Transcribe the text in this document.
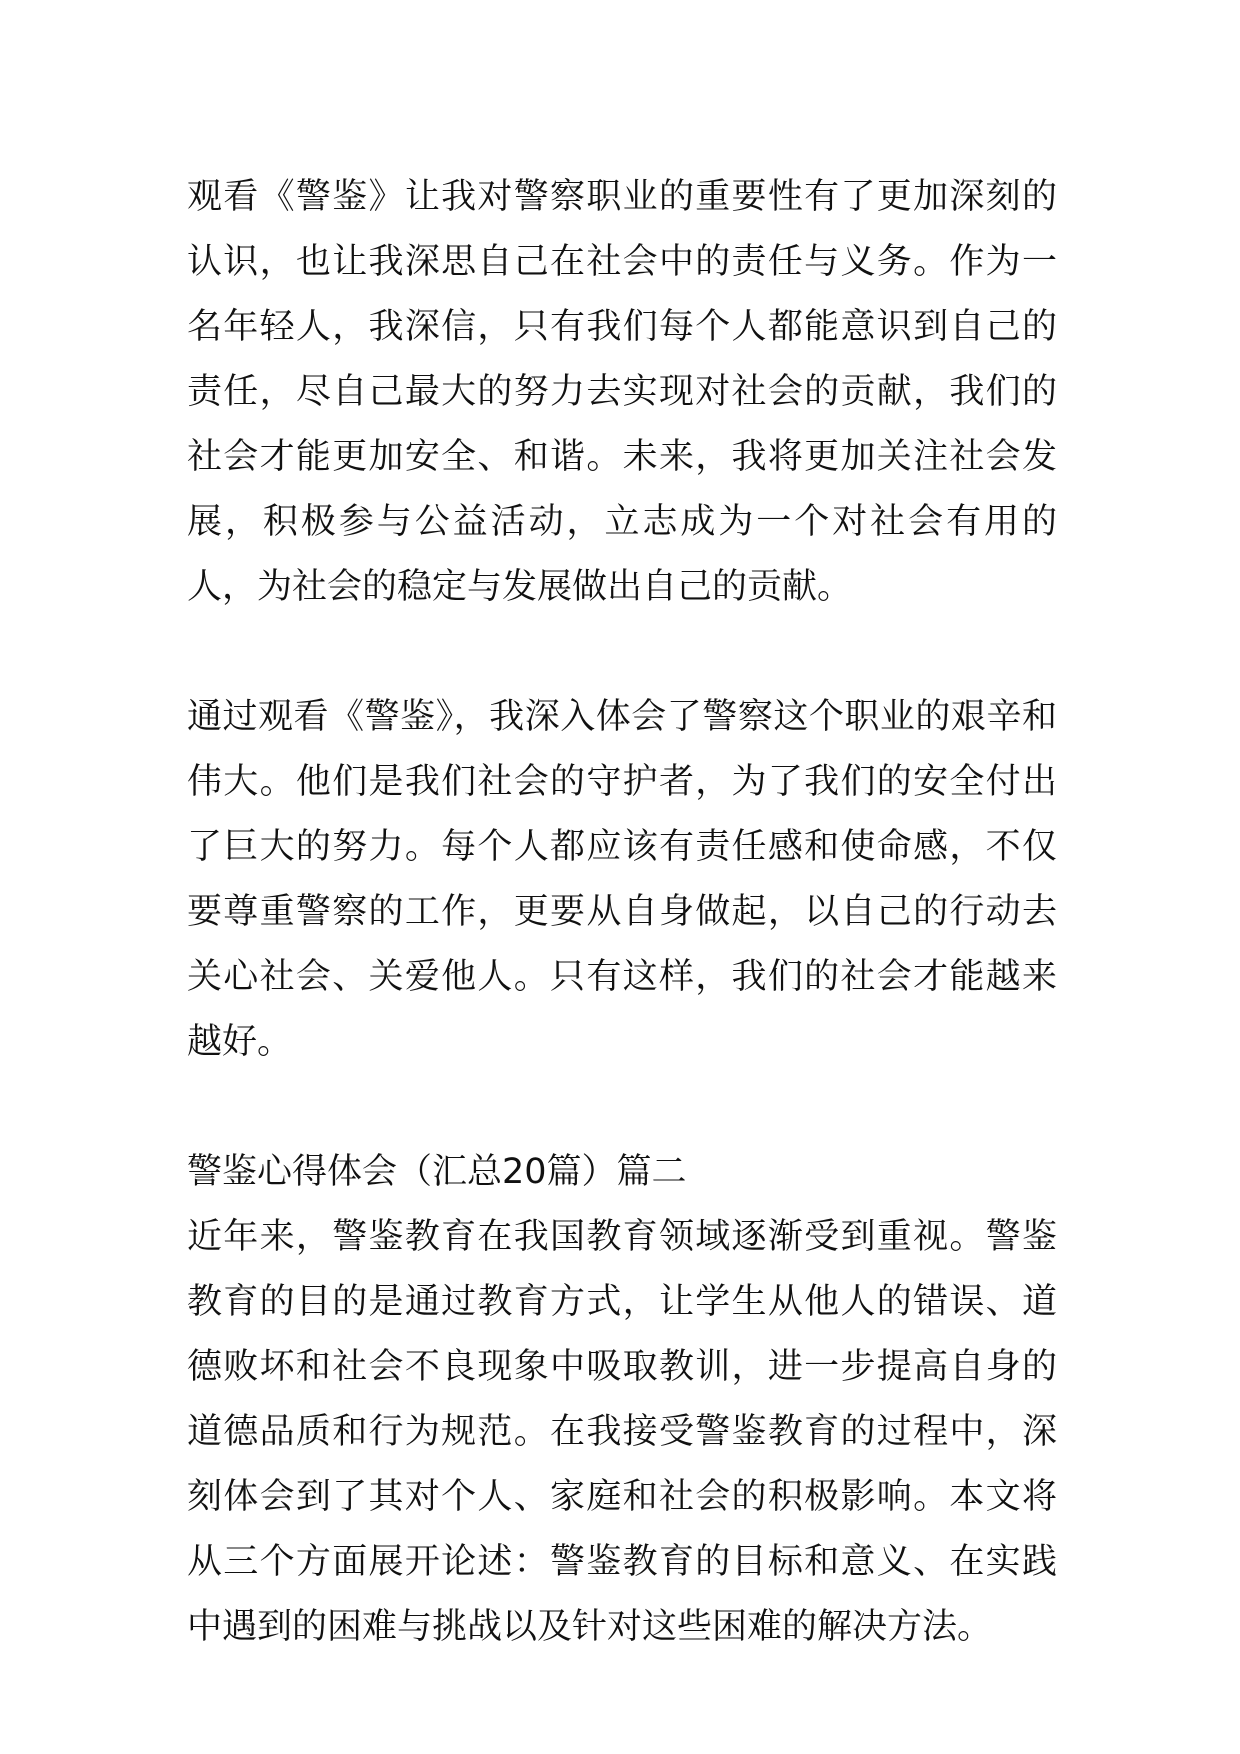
观看《警鉴》让我对警察职业的重要性有了更加深刻的认识，也让我深思自己在社会中的责任与义务。作为一名年轻人，我深信，只有我们每个人都能意识到自己的责任，尽自己最大的努力去实现对社会的贡献，我们的社会才能更加安全、和谐。未来，我将更加关注社会发展，积极参与公益活动，立志成为一个对社会有用的人，为社会的稳定与发展做出自己的贡献。

通过观看《警鉴》，我深入体会了警察这个职业的艰辛和伟大。他们是我们社会的守护者，为了我们的安全付出了巨大的努力。每个人都应该有责任感和使命感，不仅要尊重警察的工作，更要从自身做起，以自己的行动去关心社会、关爱他人。只有这样，我们的社会才能越来越好。

警鉴心得体会（汇总20篇）篇二

近年来，警鉴教育在我国教育领域逐渐受到重视。警鉴教育的目的是通过教育方式，让学生从他人的错误、道德败坏和社会不良现象中吸取教训，进一步提高自身的道德品质和行为规范。在我接受警鉴教育的过程中，深刻体会到了其对个人、家庭和社会的积极影响。本文将从三个方面展开论述：警鉴教育的目标和意义、在实践中遇到的困难与挑战以及针对这些困难的解决方法。
